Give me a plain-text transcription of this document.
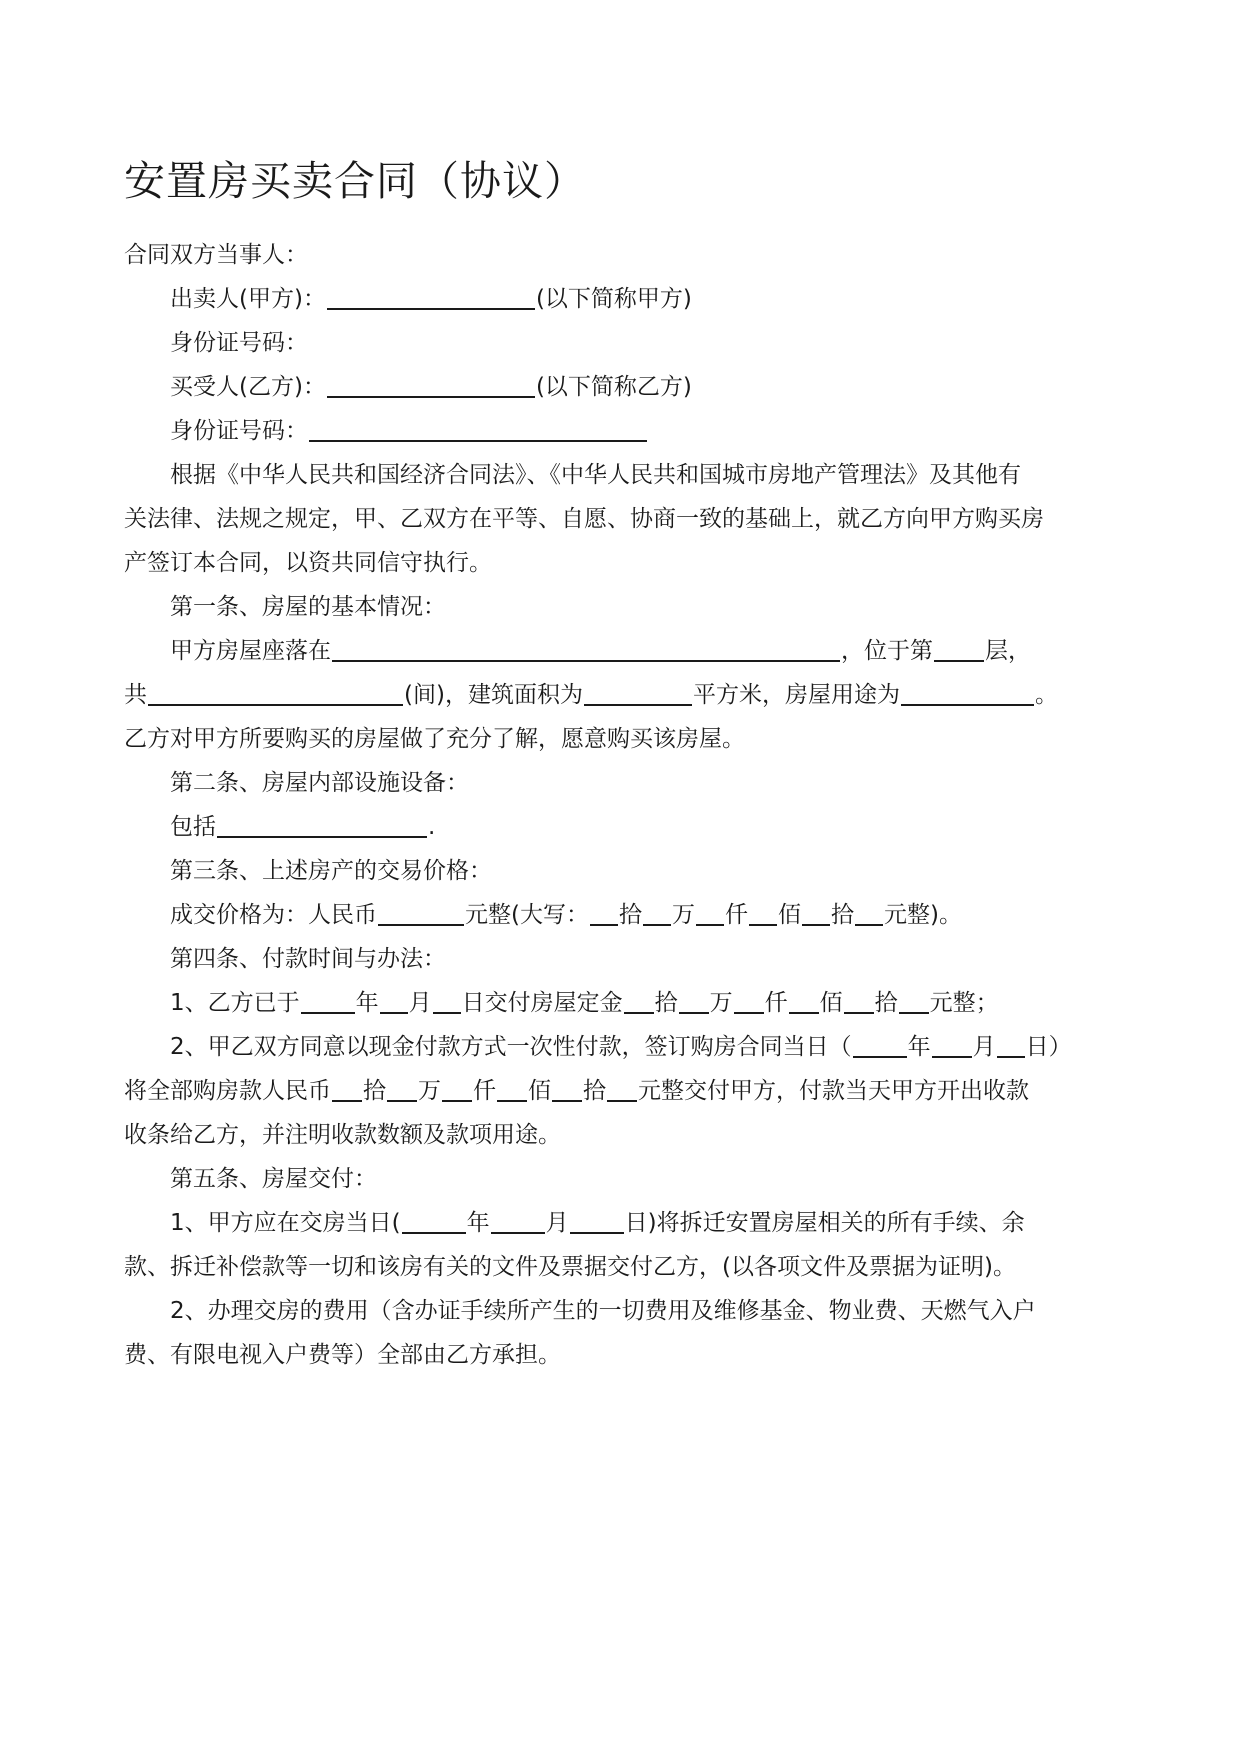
安置房买卖合同（协议）
合同双方当事人：
出卖人(甲方)：	(以下简称甲方)
身份证号码：
买受人(乙方)：	(以下简称乙方)
身份证号码：
根据《中华人民共和国经济合同法》、《中华人民共和国城市房地产管理法》及其他有
关法律、法规之规定，甲、乙双方在平等、自愿、协商一致的基础上，就乙方向甲方购买房
产签订本合同，以资共同信守执行。
第一条、房屋的基本情况：
甲方房屋座落在	，位于第 层，
共	(间)，建筑面积为	平方米，房屋用途为	。
乙方对甲方所要购买的房屋做了充分了解，愿意购买该房屋。
第二条、房屋内部设施设备：
包括	.
第三条、上述房产的交易价格：
成交价格为：人民币	元整(大写： 拾 万 仟 佰 拾 元整)。
第四条、付款时间与办法：
1、乙方已于 年 月 日交付房屋定金 拾 万 仟 佰 拾 元整；
2、甲乙双方同意以现金付款方式一次性付款，签订购房合同当日（ 年 月 日）
将全部购房款人民币 拾 万 仟 佰 拾 元整交付甲方，付款当天甲方开出收款
收条给乙方，并注明收款数额及款项用途。
第五条、房屋交付：
1、甲方应在交房当日(	年 月 日)将拆迁安置房屋相关的所有手续、余
款、拆迁补偿款等一切和该房有关的文件及票据交付乙方，(以各项文件及票据为证明)。
2、办理交房的费用（含办证手续所产生的一切费用及维修基金、物业费、天燃气入户
费、有限电视入户费等）全部由乙方承担。
